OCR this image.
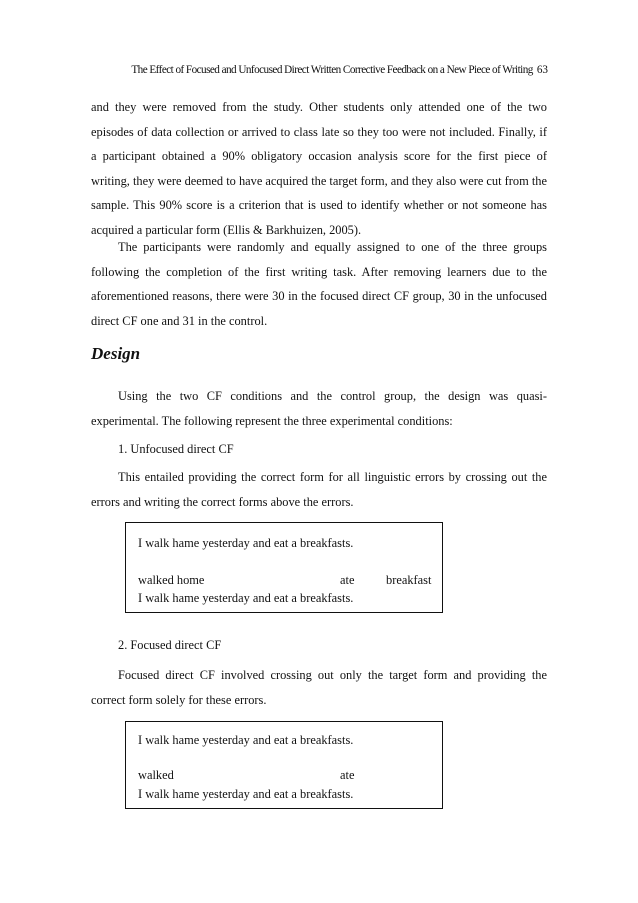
The Effect of Focused and Unfocused Direct Written Corrective Feedback on a New Piece of Writing 63

and they were removed from the study. Other students only attended one of the two episodes of data collection or arrived to class late so they too were not included. Finally, if a participant obtained a 90% obligatory occasion analysis score for the first piece of writing, they were deemed to have acquired the target form, and they also were cut from the sample. This 90% score is a criterion that is used to identify whether or not someone has acquired a particular form (Ellis & Barkhuizen, 2005).

The participants were randomly and equally assigned to one of the three groups following the completion of the first writing task. After removing learners due to the aforementioned reasons, there were 30 in the focused direct CF group, 30 in the unfocused direct CF one and 31 in the control.

Design

Using the two CF conditions and the control group, the design was quasi-experimental. The following represent the three experimental conditions:

1. Unfocused direct CF

This entailed providing the correct form for all linguistic errors by crossing out the errors and writing the correct forms above the errors.

I walk hame yesterday and eat a breakfasts.
walked home	ate	breakfast
I walk hame yesterday and eat a breakfasts.
2. Focused direct CF

Focused direct CF involved crossing out only the target form and providing the correct form solely for these errors.

I walk hame yesterday and eat a breakfasts.
walked	ate
I walk hame yesterday and eat a breakfasts.
